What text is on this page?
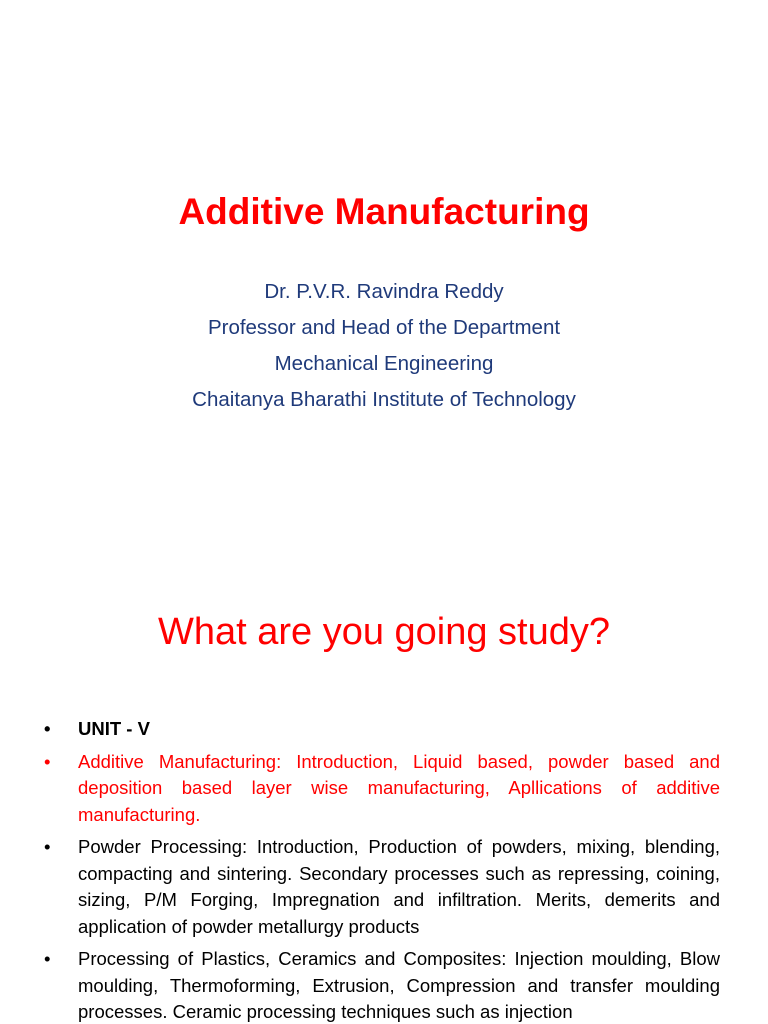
Additive Manufacturing
Dr. P.V.R. Ravindra Reddy
Professor and Head of the Department
Mechanical Engineering
Chaitanya Bharathi Institute of Technology
What are you going study?
• UNIT - V
• Additive Manufacturing: Introduction, Liquid based, powder based and deposition based layer wise manufacturing, Apllications of additive manufacturing.
• Powder Processing: Introduction, Production of powders, mixing, blending, compacting and sintering. Secondary processes such as repressing, coining, sizing, P/M Forging, Impregnation and infiltration. Merits, demerits and application of powder metallurgy products
• Processing of Plastics, Ceramics and Composites: Injection moulding, Blow moulding, Thermoforming, Extrusion, Compression and transfer moulding processes. Ceramic processing techniques such as injection
